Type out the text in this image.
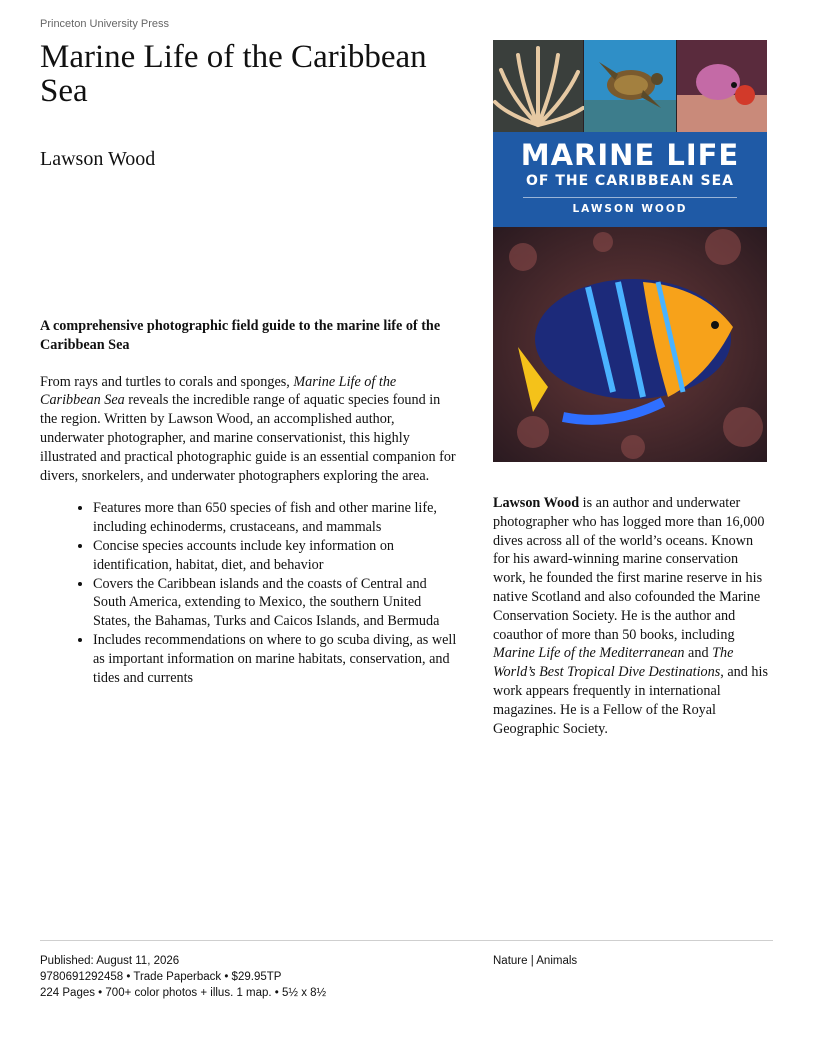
Princeton University Press
Marine Life of the Caribbean Sea
Lawson Wood

A comprehensive photographic field guide to the marine life of the Caribbean Sea

From rays and turtles to corals and sponges, Marine Life of the Caribbean Sea reveals the incredible range of aquatic species found in the region. Written by Lawson Wood, an accomplished author, underwater photographer, and marine conservationist, this highly illustrated and practical photographic guide is an essential companion for divers, snorkelers, and underwater photographers exploring the area.

• Features more than 650 species of fish and other marine life, including echinoderms, crustaceans, and mammals
• Concise species accounts include key information on identification, habitat, diet, and behavior
• Covers the Caribbean islands and the coasts of Central and South America, extending to Mexico, the southern United States, the Bahamas, Turks and Caicos Islands, and Bermuda
• Includes recommendations on where to go scuba diving, as well as important information on marine habitats, conservation, and tides and currents
MARINE LIFE
OF THE CARIBBEAN SEA
LAWSON WOOD

Lawson Wood is an author and underwater photographer who has logged more than 16,000 dives across all of the world’s oceans. Known for his award-winning marine conservation work, he founded the first marine reserve in his native Scotland and also cofounded the Marine Conservation Society. He is the author and coauthor of more than 50 books, including Marine Life of the Mediterranean and The World’s Best Tropical Dive Destinations, and his work appears frequently in international magazines. He is a Fellow of the Royal Geographic Society.

Published: August 11, 2026
9780691292458 • Trade Paperback • $29.95TP
224 Pages • 700+ color photos + illus. 1 map. • 5½ x 8½
Nature | Animals
